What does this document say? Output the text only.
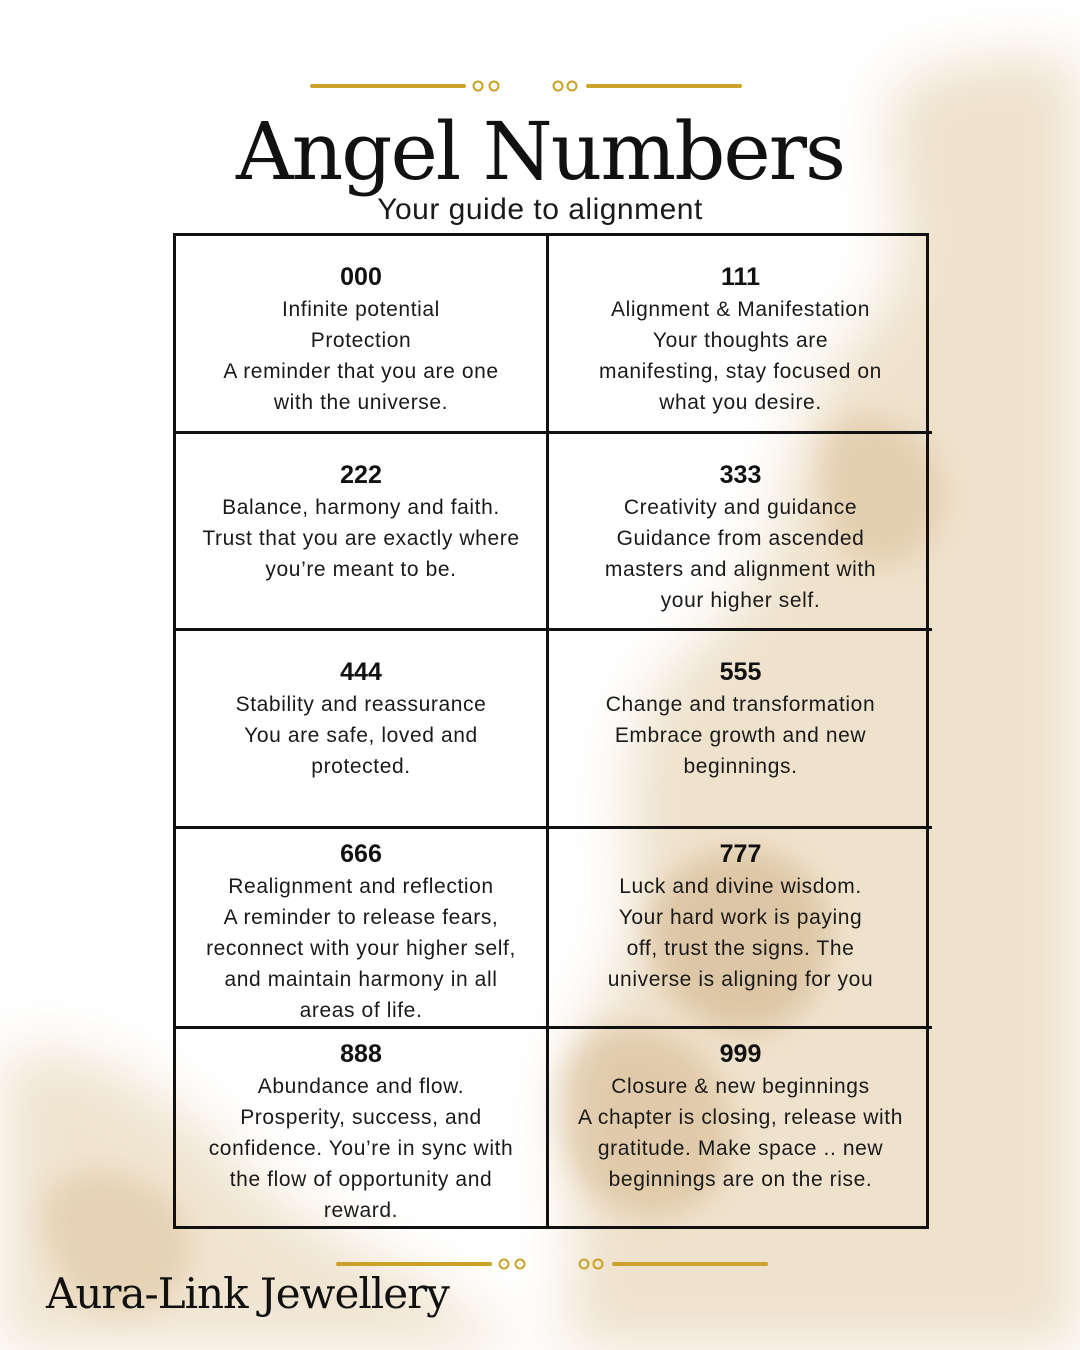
Angel Numbers
Your guide to alignment
000
Infinite potential
Protection
A reminder that you are one
with the universe.
111
Alignment & Manifestation
Your thoughts are
manifesting, stay focused on
what you desire.
222
Balance, harmony and faith.
Trust that you are exactly where
you’re meant to be.
333
Creativity and guidance
Guidance from ascended
masters and alignment with
your higher self.
444
Stability and reassurance
You are safe, loved and
protected.
555
Change and transformation
Embrace growth and new
beginnings.
666
Realignment and reflection
A reminder to release fears,
reconnect with your higher self,
and maintain harmony in all
areas of life.
777
Luck and divine wisdom.
Your hard work is paying
off, trust the signs. The
universe is aligning for you
888
Abundance and flow.
Prosperity, success, and
confidence. You’re in sync with
the flow of opportunity and
reward.
999
Closure & new beginnings
A chapter is closing, release with
gratitude. Make space .. new
beginnings are on the rise.
Aura-Link Jewellery
